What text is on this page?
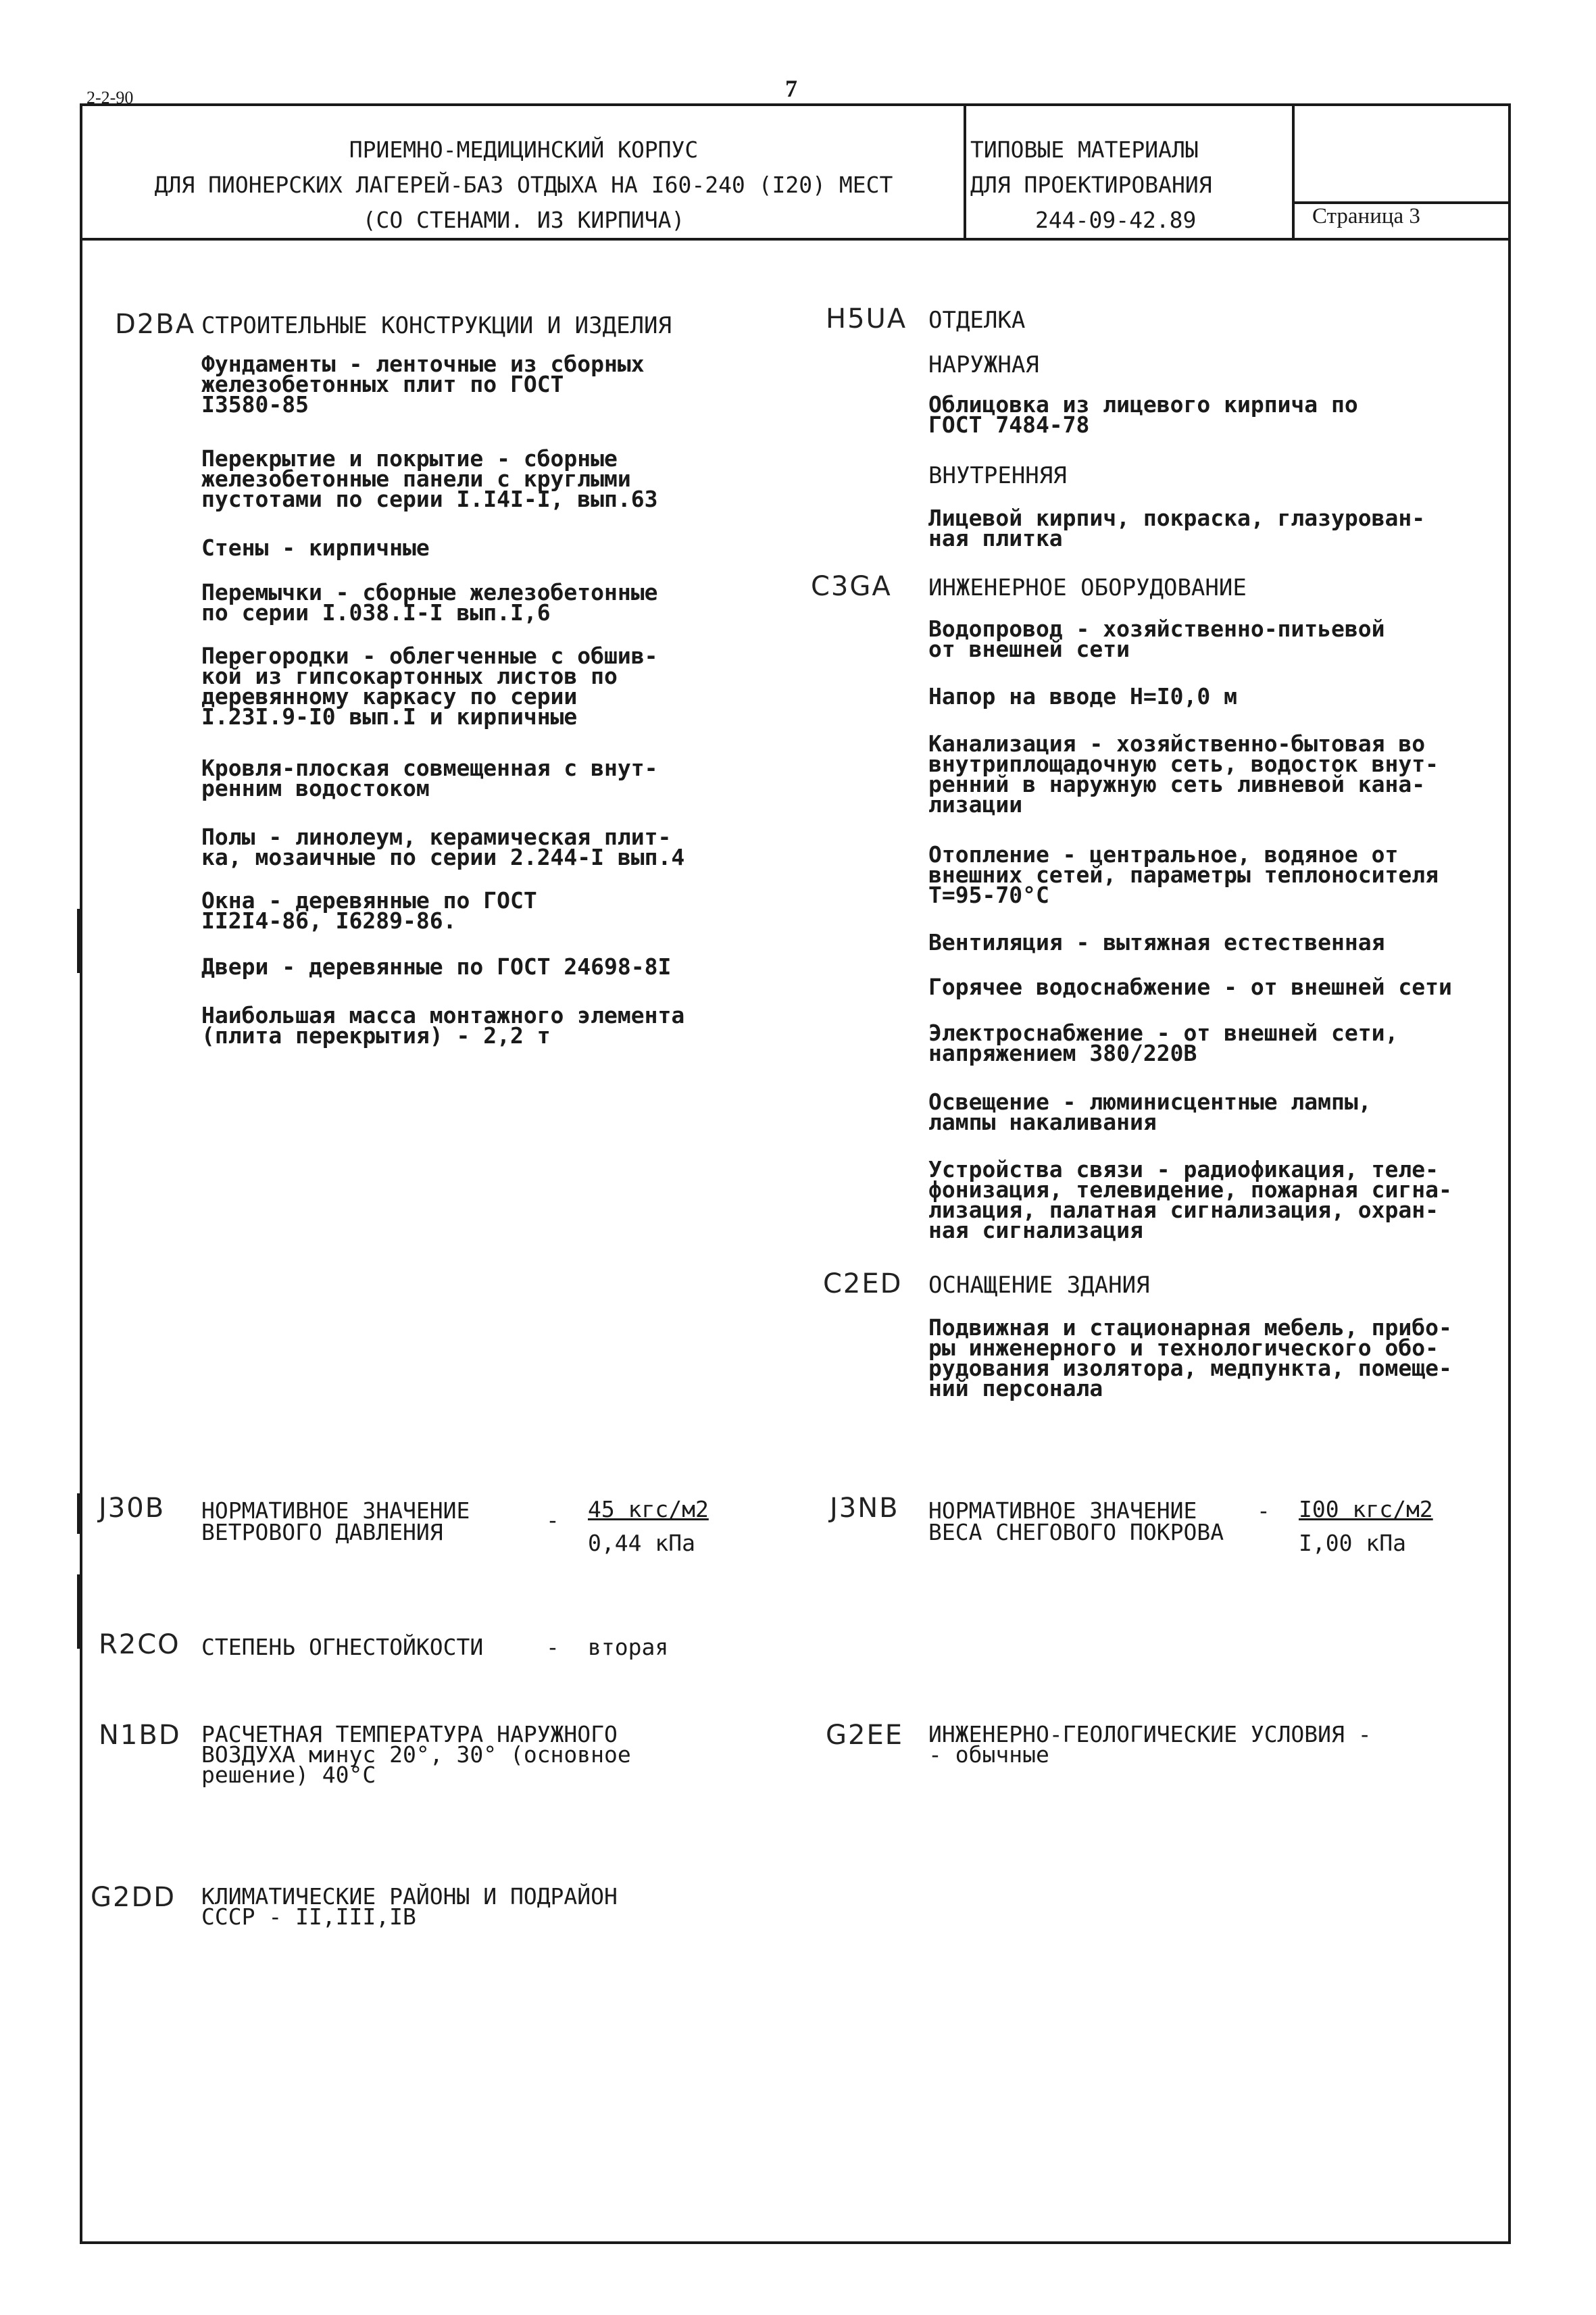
2-2-90	7
ПРИЕМНО-МЕДИЦИНСКИЙ КОРПУС
ДЛЯ ПИОНЕРСКИХ ЛАГЕРЕЙ-БАЗ ОТДЫХА НА I60-240 (I20) МЕСТ
(СО СТЕНАМИ. ИЗ КИРПИЧА)
ТИПОВЫЕ МАТЕРИАЛЫ
ДЛЯ ПРОЕКТИРОВАНИЯ
244-09-42.89	Страница 3
D2BA СТРОИТЕЛЬНЫЕ КОНСТРУКЦИИ И ИЗДЕЛИЯ
Фундаменты - ленточные из сборных
железобетонных плит по ГОСТ
I3580-85
Перекрытие и покрытие - сборные
железобетонные панели с круглыми
пустотами по серии I.I4I-I, вып.63
Стены - кирпичные
Перемычки - сборные железобетонные
по серии I.038.I-I вып.I,6
Перегородки - облегченные с обшив-
кой из гипсокартонных листов по
деревянному каркасу по серии
I.23I.9-I0 вып.I и кирпичные
Кровля-плоская совмещенная с внут-
ренним водостоком
Полы - линолеум, керамическая плит-
ка, мозаичные по серии 2.244-I вып.4
Окна - деревянные по ГОСТ
II2I4-86, I6289-86.
Двери - деревянные по ГОСТ 24698-8I
Наибольшая масса монтажного элемента
(плита перекрытия) - 2,2 т
H5UA ОТДЕЛКА
НАРУЖНАЯ
Облицовка из лицевого кирпича по
ГОСТ 7484-78
ВНУТРЕННЯЯ
Лицевой кирпич, покраска, глазурован-
ная плитка
C3GA ИНЖЕНЕРНОЕ ОБОРУДОВАНИЕ
Водопровод - хозяйственно-питьевой
от внешней сети
Напор на вводе Н=I0,0 м
Канализация - хозяйственно-бытовая во
внутриплощадочную сеть, водосток внут-
ренний в наружную сеть ливневой кана-
лизации
Отопление - центральное, водяное от
внешних сетей, параметры теплоносителя
Т=95-70°С
Вентиляция - вытяжная естественная
Горячее водоснабжение - от внешней сети
Электроснабжение - от внешней сети,
напряжением 380/220В
Освещение - люминисцентные лампы,
лампы накаливания
Устройства связи - радиофикация, теле-
фонизация, телевидение, пожарная сигна-
лизация, палатная сигнализация, охран-
ная сигнализация
C2ED ОСНАЩЕНИЕ ЗДАНИЯ
Подвижная и стационарная мебель, прибо-
ры инженерного и технологического обо-
рудования изолятора, медпункта, помеще-
ний персонала
J30B НОРМАТИВНОЕ ЗНАЧЕНИЕ
ВЕТРОВОГО ДАВЛЕНИЯ	- 45 кгс/м2
0,44 кПа
J3NB НОРМАТИВНОЕ ЗНАЧЕНИЕ
ВЕСА СНЕГОВОГО ПОКРОВА
- I00 кгс/м2
I,00 кПа
R2CO СТЕПЕНЬ ОГНЕСТОЙКОСТИ	- вторая
N1BD РАСЧЕТНАЯ ТЕМПЕРАТУРА НАРУЖНОГО
ВОЗДУХА минус 20°, 30° (основное
решение) 40°С
G2EE ИНЖЕНЕРНО-ГЕОЛОГИЧЕСКИЕ УСЛОВИЯ -
- обычные
G2DD КЛИМАТИЧЕСКИЕ РАЙОНЫ И ПОДРАЙОН
СССР - II,III,IВ
